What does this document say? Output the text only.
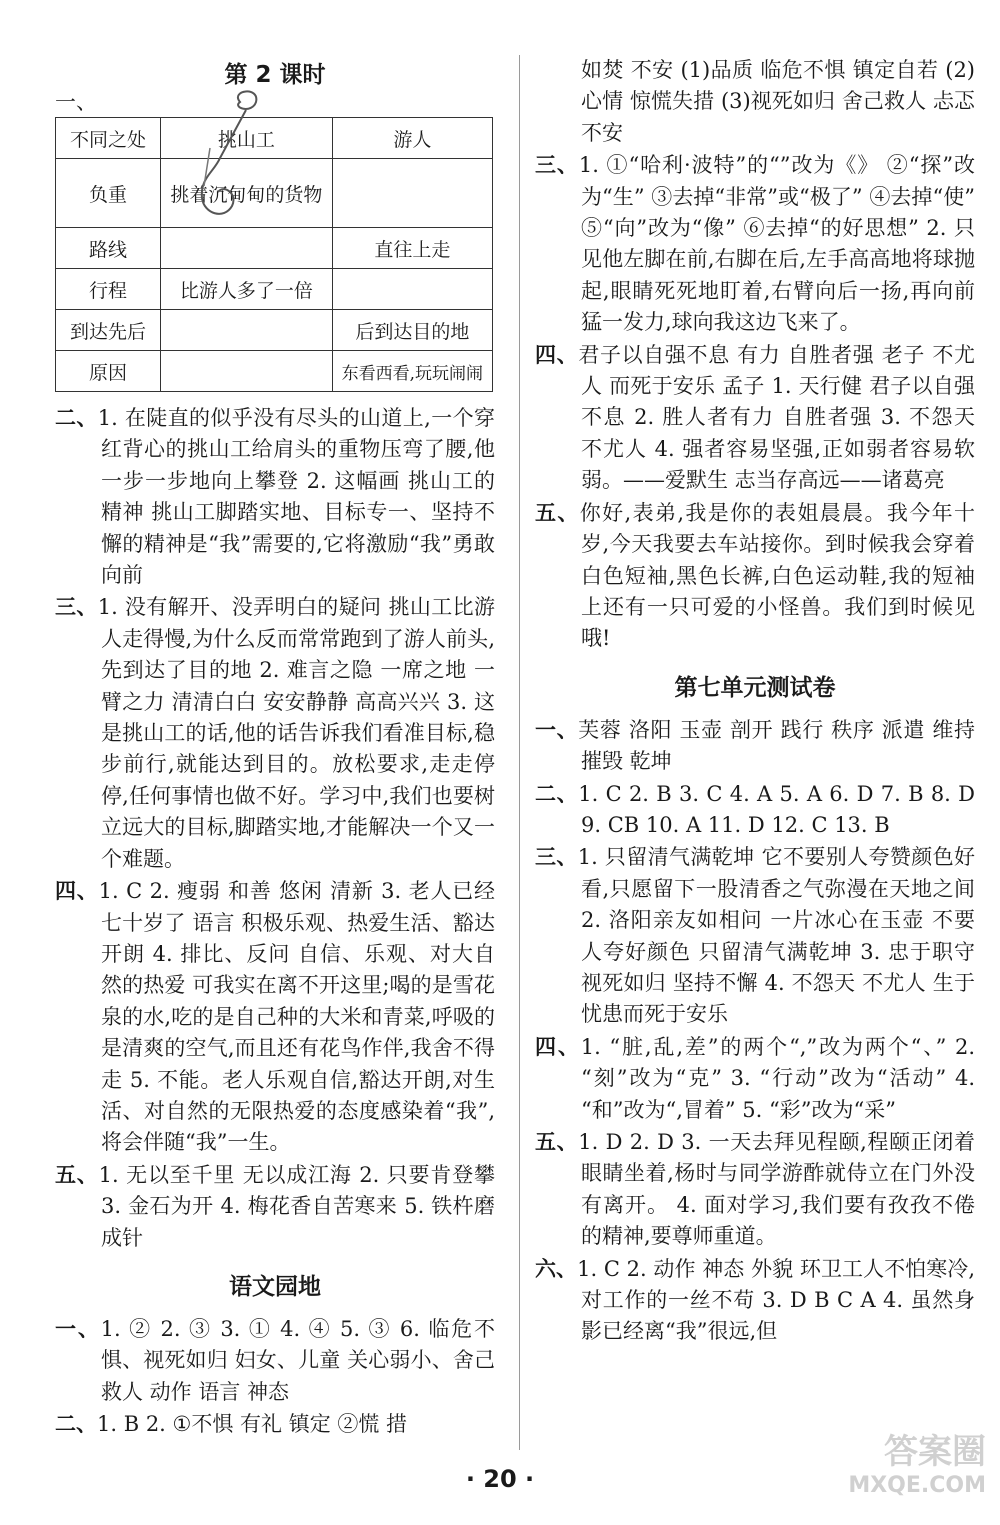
第 2 课时
一、
不同之处	挑山工	游人
负重	挑着沉甸甸的货物	
路线		直往上走
行程	比游人多了一倍	
到达先后		后到达目的地
原因		东看西看,玩玩闹闹
二、1. 在陡直的似乎没有尽头的山道上,一个穿红背心的挑山工给肩头的重物压弯了腰,他一步一步地向上攀登 2. 这幅画 挑山工的精神 挑山工脚踏实地、目标专一、坚持不懈的精神是“我”需要的,它将激励“我”勇敢向前
三、1. 没有解开、没弄明白的疑问 挑山工比游人走得慢,为什么反而常常跑到了游人前头,先到达了目的地 2. 难言之隐 一席之地 一臂之力 清清白白 安安静静 高高兴兴 3. 这是挑山工的话,他的话告诉我们看准目标,稳步前行,就能达到目的。放松要求,走走停停,任何事情也做不好。学习中,我们也要树立远大的目标,脚踏实地,才能解决一个又一个难题。
四、1. C 2. 瘦弱 和善 悠闲 清新 3. 老人已经七十岁了 语言 积极乐观、热爱生活、豁达开朗 4. 排比、反问 自信、乐观、对大自然的热爱 可我实在离不开这里;喝的是雪花泉的水,吃的是自己种的大米和青菜,呼吸的是清爽的空气,而且还有花鸟作伴,我舍不得走 5. 不能。老人乐观自信,豁达开朗,对生活、对自然的无限热爱的态度感染着“我”,将会伴随“我”一生。
五、1. 无以至千里 无以成江海 2. 只要肯登攀 3. 金石为开 4. 梅花香自苦寒来 5. 铁杵磨成针
语文园地
一、1. ② 2. ③ 3. ① 4. ④ 5. ③ 6. 临危不惧、视死如归 妇女、儿童 关心弱小、舍己救人 动作 语言 神态
二、1. B 2. ①不惧 有礼 镇定 ②慌 措
如焚 不安 (1)品质 临危不惧 镇定自若 (2)心情 惊慌失措 (3)视死如归 舍己救人 忐忑不安
三、1. ①“哈利·波特”的“”改为《》 ②“探”改为“生” ③去掉“非常”或“极了” ④去掉“使” ⑤“向”改为“像” ⑥去掉“的好思想” 2. 只见他左脚在前,右脚在后,左手高高地将球抛起,眼睛死死地盯着,右臂向后一扬,再向前猛一发力,球向我这边飞来了。
四、君子以自强不息 有力 自胜者强 老子 不尤人 而死于安乐 孟子 1. 天行健 君子以自强不息 2. 胜人者有力 自胜者强 3. 不怨天 不尤人 4. 强者容易坚强,正如弱者容易软弱。——爱默生 志当存高远——诸葛亮
五、你好,表弟,我是你的表姐晨晨。我今年十岁,今天我要去车站接你。到时候我会穿着白色短袖,黑色长裤,白色运动鞋,我的短袖上还有一只可爱的小怪兽。我们到时候见哦!
第七单元测试卷
一、芙蓉 洛阳 玉壶 剖开 践行 秩序 派遣 维持 摧毁 乾坤
二、1. C 2. B 3. C 4. A 5. A 6. D 7. B 8. D 9. CB 10. A 11. D 12. C 13. B
三、1. 只留清气满乾坤 它不要别人夸赞颜色好看,只愿留下一股清香之气弥漫在天地之间 2. 洛阳亲友如相问 一片冰心在玉壶 不要人夸好颜色 只留清气满乾坤 3. 忠于职守 视死如归 坚持不懈 4. 不怨天 不尤人 生于忧患而死于安乐
四、1. “脏,乱,差”的两个“,”改为两个“、” 2. “刻”改为“克” 3. “行动”改为“活动” 4. “和”改为“,冒着” 5. “彩”改为“采”
五、1. D 2. D 3. 一天去拜见程颐,程颐正闭着眼睛坐着,杨时与同学游酢就侍立在门外没有离开。 4. 面对学习,我们要有孜孜不倦的精神,要尊师重道。
六、1. C 2. 动作 神态 外貌 环卫工人不怕寒冷,对工作的一丝不苟 3. D B C A 4. 虽然身影已经离“我”很远,但
· 20 ·
答案圈
MXQE.COM
